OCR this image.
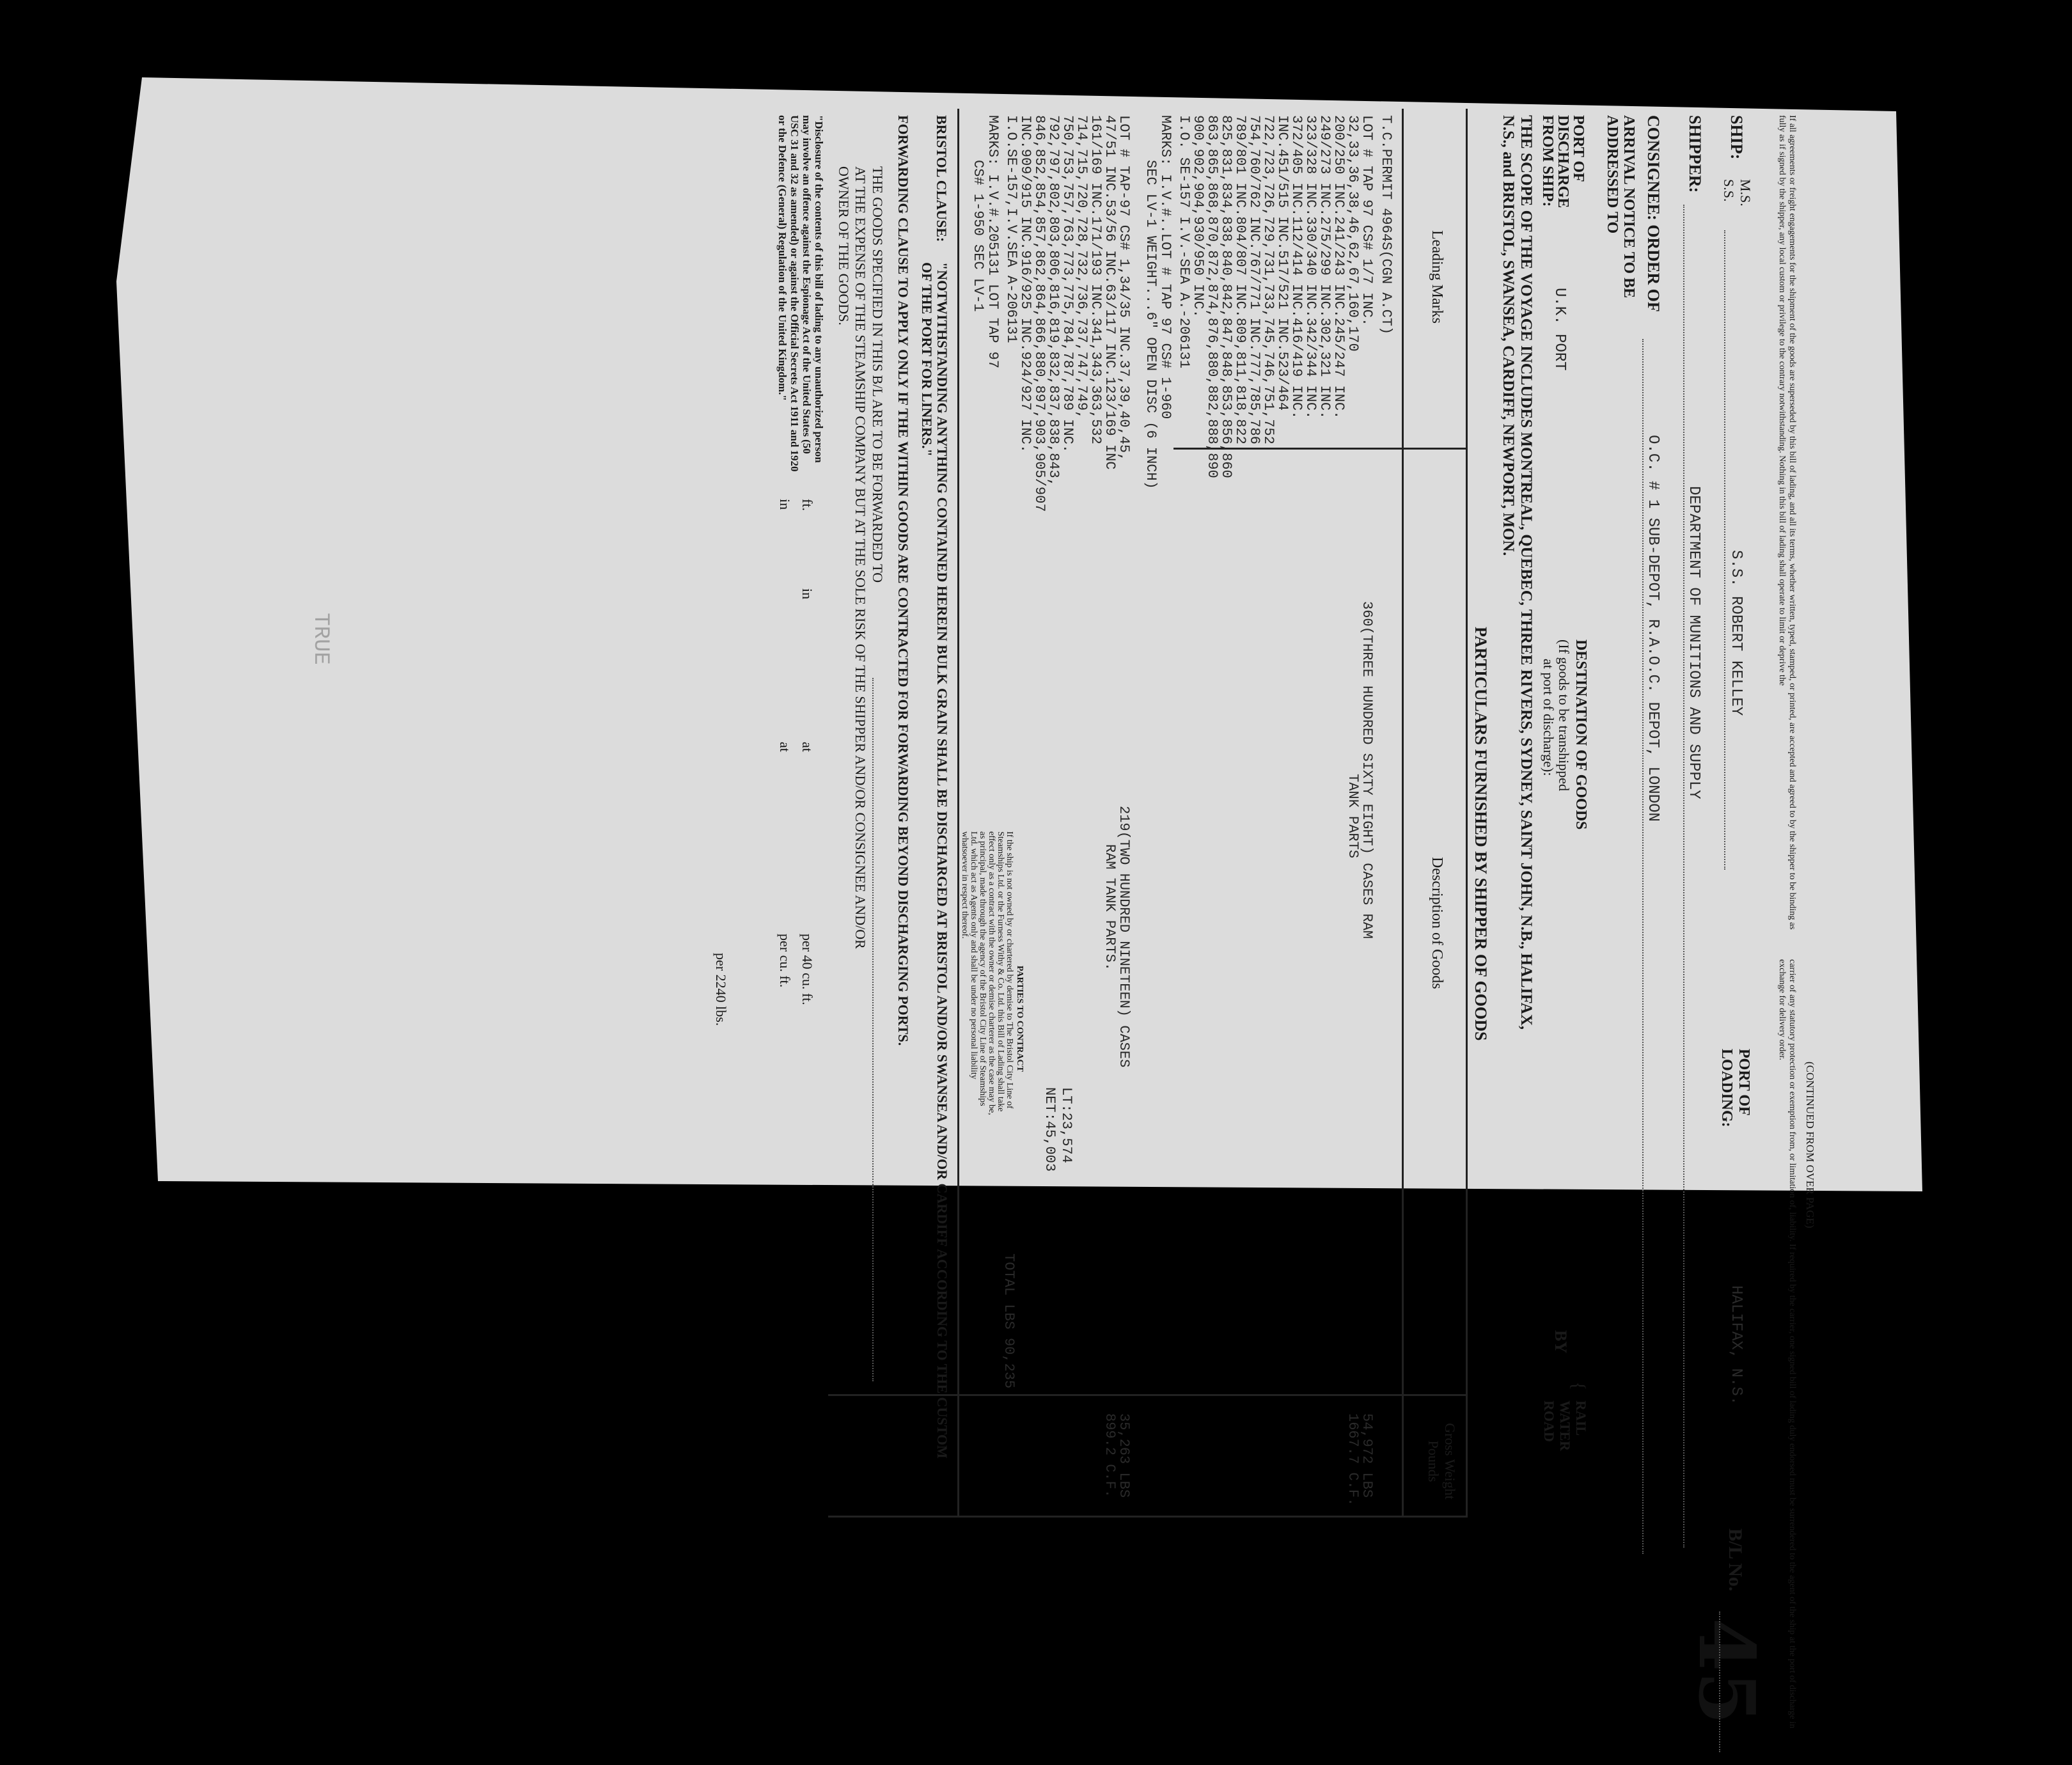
(CONTINUED FROM OVER PAGE)
If all agreements or freight engagements for the shipment of the goods are superseded by this bill of lading, and all its terms, whether written, typed, stamped, or printed, are accepted and agreed to by the shipper to be binding as fully as if signed by the shipper, any local custom or privilege to the contrary notwithstanding. Nothing in this bill of lading shall operate to limit or deprive the
carrier of any statutory protection or exemption from, or limitation of, liability. If required by the carrier, one signed bill of lading duly endorsed must be surrendered to the agent of the ship at the port of discharge in exchange for delivery order.
B/L No.
45
SHIP:
M.S.
S.S.
S.S. ROBERT KELLEY
PORT OF LOADING:
HALIFAX, N.S.
SHIPPER:
DEPARTMENT OF MUNITIONS AND SUPPLY
CONSIGNEE: ORDER OF
O.C. # 1 SUB-DEPOT, R.A.O.C. DEPOT, LONDON
ARRIVAL NOTICE TO BE ADDRESSED TO
PORT OF DISCHARGE FROM SHIP:
U.K. PORT
DESTINATION OF GOODS
(If goods to be transhipped
at port of discharge):
BY
{
RAIL
WATER
ROAD
THE SCOPE OF THE VOYAGE INCLUDES MONTREAL, QUEBEC, THREE RIVERS, SYDNEY, SAINT JOHN, N.B., HALIFAX,
N.S., and BRISTOL, SWANSEA, CARDIFF, NEWPORT, MON.
PARTICULARS FURNISHED BY SHIPPER OF GOODS
Leading Marks
Description of Goods
Gross Weight Pounds
T.C.PERMIT 4964S(CGN A.CT)
LOT # TAP 97 CS# 1/7 INC.
32,33,36,38,46,62,67,160,170
200/250 INC.241/243 INC.245/247 INC.
249/273 INC.275/299 INC.302,321 INC.
323/328 INC.330/340 INC.342/344 INC.
372/405 INC.112/414 INC.416/419 INC.
INC.451/515 INC.517/521 INC.523/464
722,723,726,729,731,733,745,746,751,752
754,760/762 INC.767/771 INC.777,785,786
789/801 INC.804/807 INC.809,811,818,822
825,831,834,838,840,842,847,848,853,856,860
863,865,868,870,872,874,876,880,882,888,890
900,902,904,930/950 INC.
I.O. SE-157 I.V.-SEA A.-206131
MARKS: I.V.#..LOT # TAP 97 CS# 1-960
SEC LV-1 WEIGHT...6" OPEN DISC (6 INCH)
360(THREE HUNDRED SIXTY EIGHT) CASES RAM
TANK PARTS
54,972 LBS
1667.7 C.F.
LOT # TAP-97 CS# 1,34/35 INC.37,39,40,45,
47/51 INC.53/56 INC.63/117 INC.123/169 INC
161/169 INC.171/193 INC.341,343,363,532
714,715,720,728,732,736,737,747,749,
750,753,757,763,773,775,784,787,789 INC.
792,797,802,803,806,816,819,832,837,838,843,
846,852,854,857,862,864,866,880,897,903,905/907
INC.909/915 INC.916/925 INC.924/927 INC.
I.O.SE-157,I.V.SEA A-206131
MARKS: I.V.#.205131 LOT TAP 97
CS# 1-950 SEC LV-1
219(TWO HUNDRED NINETEEN) CASES
RAM TANK PARTS.
35,263 LBS
899.2 C.F.
LT:23,574
NET:45,003
TOTAL LBS 90,235
PARTIES TO CONTRACT
If the ship is not owned by or chartered by demise to The Bristol City Line of Steamships Ltd. or the Furness Withy & Co. Ltd. this Bill of Lading shall take effect only as a contract with the owner or demise charterer as the case may be, as principal, made through the agency of the Bristol City Line of Steamships Ltd. which act as Agents only and shall be under no personal liability whatsoever in respect thereof.
BRISTOL CLAUSE:
"NOTWITHSTANDING ANYTHING CONTAINED HEREIN BULK GRAIN SHALL BE DISCHARGED AT BRISTOL AND/OR SWANSEA AND/OR CARDIFF ACCORDING TO THE CUSTOM OF THE PORT FOR LINERS."
FORWARDING CLAUSE TO APPLY ONLY IF THE WITHIN GOODS ARE CONTRACTED FOR FORWARDING BEYOND DISCHARGING PORTS.
THE GOODS SPECIFIED IN THIS B/L ARE TO BE FORWARDED TO
AT THE EXPENSE OF THE STEAMSHIP COMPANY BUT AT THE SOLE RISK OF THE SHIPPER AND/OR CONSIGNEE AND/OR
OWNER OF THE GOODS.
"Disclosure of the contents of this bill of lading to any unauthorized person may involve an offence against the Espionage Act of the United States (50 USC 31 and 32 as amended) or against the Official Secrets Act 1911 and 1920 or the Defence (General) Regulation of the United Kingdom."
ft.
in
at
per 40 cu. ft.
in
at
per cu. ft.
per 2240 lbs.
TRUE
